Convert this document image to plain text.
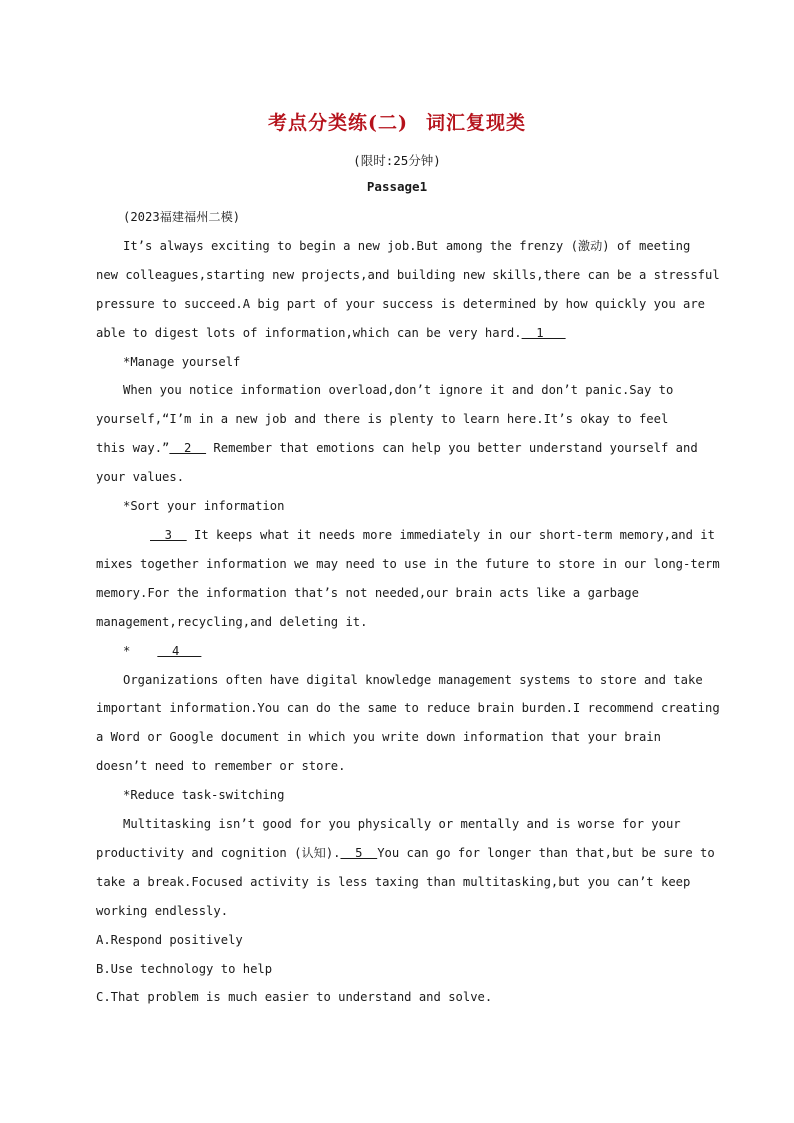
考点分类练(二) 词汇复现类
(限时:25分钟)
Passage1

(2023福建福州二模)

It’s always exciting to begin a new job.But among the frenzy (激动) of meeting
new colleagues,starting new projects,and building new skills,there can be a stressful
pressure to succeed.A big part of your success is determined by how quickly you are
able to digest lots of information,which can be very hard.  1

*Manage yourself

When you notice information overload,don’t ignore it and don’t panic.Say to
yourself,“I’m in a new job and there is plenty to learn here.It’s okay to feel
this way.”  2   Remember that emotions can help you better understand yourself and
your values.

*Sort your information

3   It keeps what it needs more immediately in our short-term memory,and it
mixes together information we may need to use in the future to store in our long-term
memory.For the information that’s not needed,our brain acts like a garbage
management,recycling,and deleting it.

*  4

Organizations often have digital knowledge management systems to store and take
important information.You can do the same to reduce brain burden.I recommend creating
a Word or Google document in which you write down information that your brain
doesn’t need to remember or store.

*Reduce task-switching

Multitasking isn’t good for you physically or mentally and is worse for your
productivity and cognition (认知).  5  You can go for longer than that,but be sure to
take a break.Focused activity is less taxing than multitasking,but you can’t keep
working endlessly.
A.Respond positively
B.Use technology to help
C.That problem is much easier to understand and solve.
